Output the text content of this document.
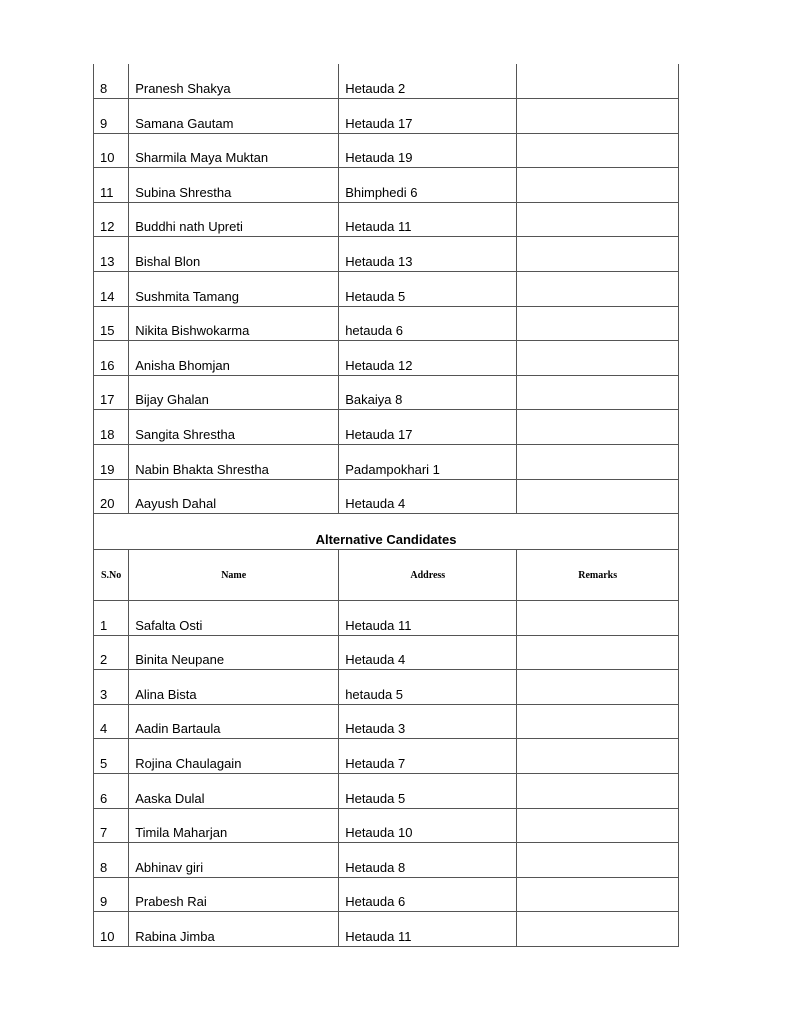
8	Pranesh Shakya	Hetauda 2	
9	Samana Gautam	Hetauda 17	
10	Sharmila Maya Muktan	Hetauda 19	
11	Subina Shrestha	Bhimphedi 6	
12	Buddhi nath Upreti	Hetauda 11	
13	Bishal Blon	Hetauda 13	
14	Sushmita Tamang	Hetauda 5	
15	Nikita Bishwokarma	hetauda 6	
16	Anisha Bhomjan	Hetauda 12	
17	Bijay Ghalan	Bakaiya 8	
18	Sangita Shrestha	Hetauda 17	
19	Nabin Bhakta Shrestha	Padampokhari 1	
20	Aayush Dahal	Hetauda 4	
Alternative Candidates			
S.No	Name	Address	Remarks
1	Safalta Osti	Hetauda 11	
2	Binita Neupane	Hetauda 4	
3	Alina Bista	hetauda 5	
4	Aadin Bartaula	Hetauda 3	
5	Rojina Chaulagain	Hetauda 7	
6	Aaska Dulal	Hetauda 5	
7	Timila Maharjan	Hetauda 10	
8	Abhinav giri	Hetauda 8	
9	Prabesh Rai	Hetauda 6	
10	Rabina Jimba	Hetauda 11	
